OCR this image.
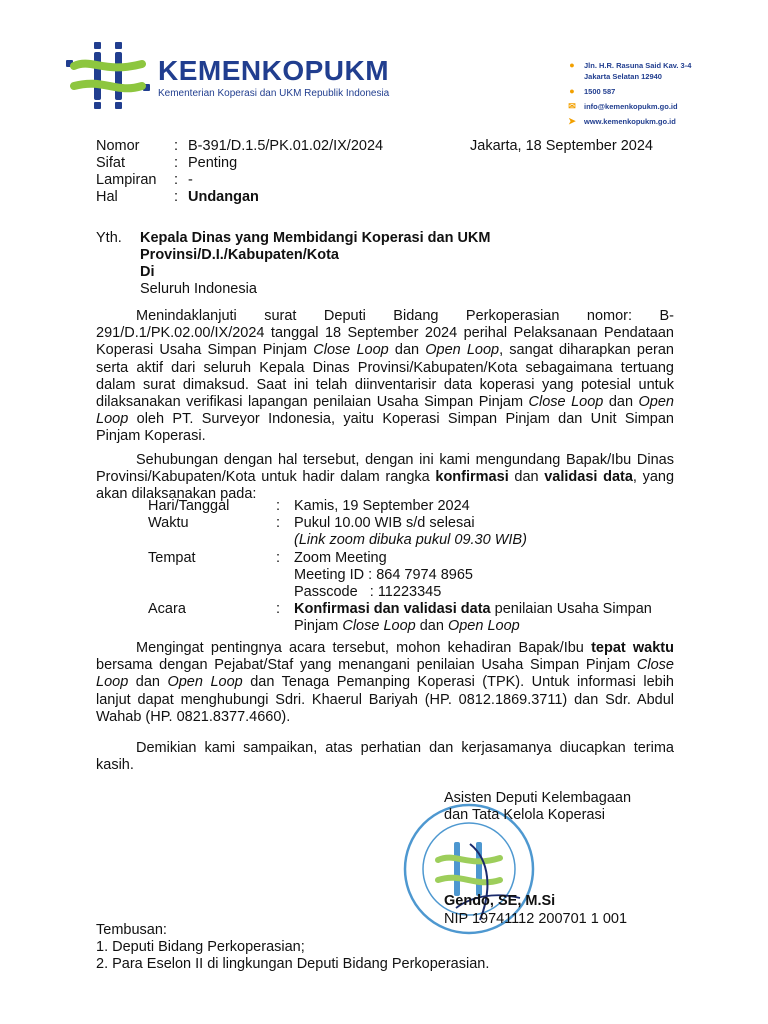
KEMENKOPUKM
Kementerian Koperasi dan UKM Republik Indonesia
●	Jln. H.R. Rasuna Said Kav. 3-4
Jakarta Selatan 12940
●	1500 587
✉ info@kemenkopukm.go.id
➤ www.kemenkopukm.go.id
Nomor	: B-391/D.1.5/PK.01.02/IX/2024
Sifat	: Penting
Lampiran	: -
Hal	: Undangan
Jakarta, 18 September 2024
Yth. Kepala Dinas yang Membidangi Koperasi dan UKM
Provinsi/D.I./Kabupaten/Kota
Di
Seluruh Indonesia
Menindaklanjuti surat Deputi Bidang Perkoperasian nomor: B-291/D.1/PK.02.00/IX/2024 tanggal 18 September 2024 perihal Pelaksanaan Pendataan Koperasi Usaha Simpan Pinjam Close Loop dan Open Loop, sangat diharapkan peran serta aktif dari seluruh Kepala Dinas Provinsi/Kabupaten/Kota sebagaimana tertuang dalam surat dimaksud. Saat ini telah diinventarisir data koperasi yang potesial untuk dilaksanakan verifikasi lapangan penilaian Usaha Simpan Pinjam Close Loop dan Open Loop oleh PT. Surveyor Indonesia, yaitu Koperasi Simpan Pinjam dan Unit Simpan Pinjam Koperasi.
Sehubungan dengan hal tersebut, dengan ini kami mengundang Bapak/Ibu Dinas Provinsi/Kabupaten/Kota untuk hadir dalam rangka konfirmasi dan validasi data, yang akan dilaksanakan pada:
Hari/Tanggal	: Kamis, 19 September 2024
Waktu	: Pukul 10.00 WIB s/d selesai
(Link zoom dibuka pukul 09.30 WIB)
Tempat	: Zoom Meeting
Meeting ID : 864 7974 8965
Passcode   : 11223345
Acara	: Konfirmasi dan validasi data penilaian Usaha Simpan Pinjam Close Loop dan Open Loop
Mengingat pentingnya acara tersebut, mohon kehadiran Bapak/Ibu tepat waktu bersama dengan Pejabat/Staf yang menangani penilaian Usaha Simpan Pinjam Close Loop dan Open Loop dan Tenaga Pemanping Koperasi (TPK). Untuk informasi lebih lanjut dapat menghubungi Sdri. Khaerul Bariyah (HP. 0812.1869.3711) dan Sdr. Abdul Wahab (HP. 0821.8377.4660).
Demikian kami sampaikan, atas perhatian dan kerjasamanya diucapkan terima kasih.
Asisten Deputi Kelembagaan
dan Tata Kelola Koperasi
Gendo, SE, M.Si
NIP 19741112 200701 1 001
Tembusan:
1. Deputi Bidang Perkoperasian;
2. Para Eselon II di lingkungan Deputi Bidang Perkoperasian.
